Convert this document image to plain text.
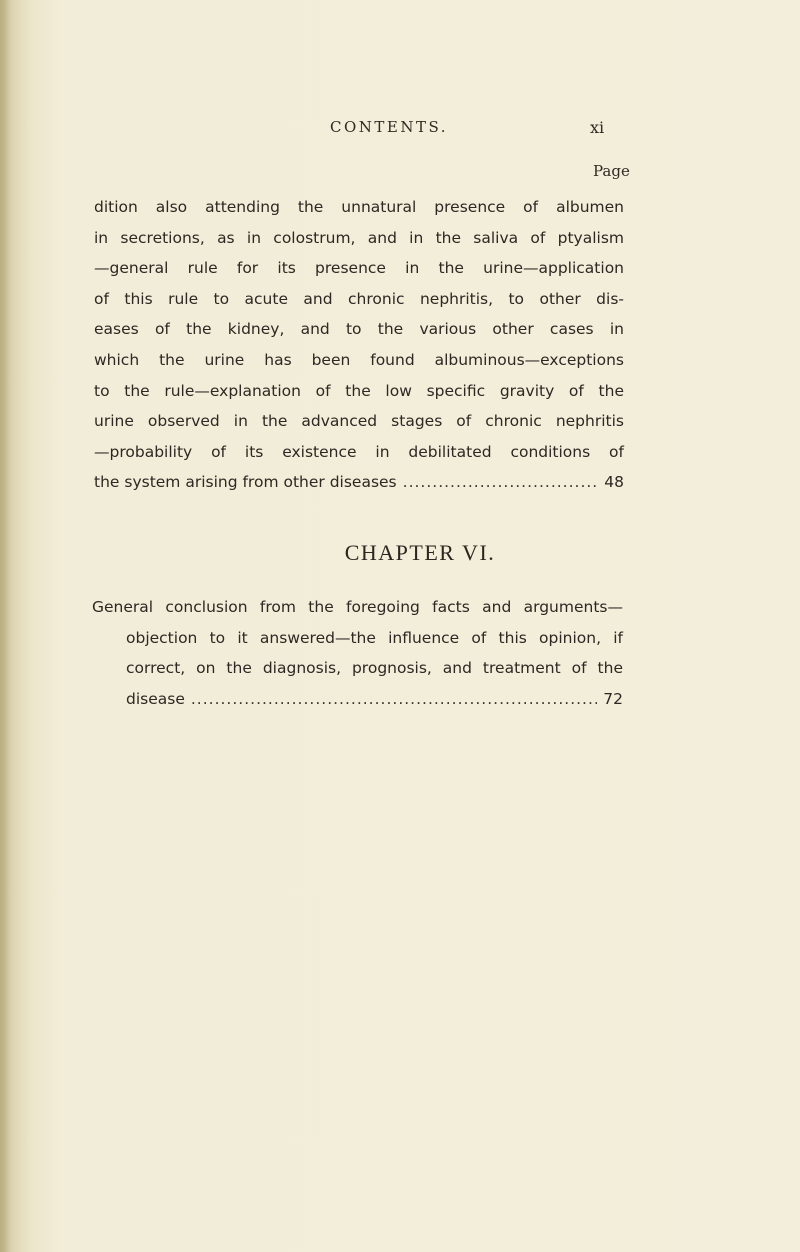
CONTENTS.	xi
Page
dition also attending the unnatural presence of albumen
in secretions, as in colostrum, and in the saliva of ptyalism
—general rule for its presence in the urine—application
of this rule to acute and chronic nephritis, to other dis-
eases of the kidney, and to the various other cases in
which the urine has been found albuminous—exceptions
to the rule—explanation of the low specific gravity of the
urine observed in the advanced stages of chronic nephritis
—probability of its existence in debilitated conditions of
the system arising from other diseases .....	48
CHAPTER VI.
General conclusion from the foregoing facts and arguments—
objection to it answered—the influence of this opinion, if
correct, on the diagnosis, prognosis, and treatment of the
disease .....	72
